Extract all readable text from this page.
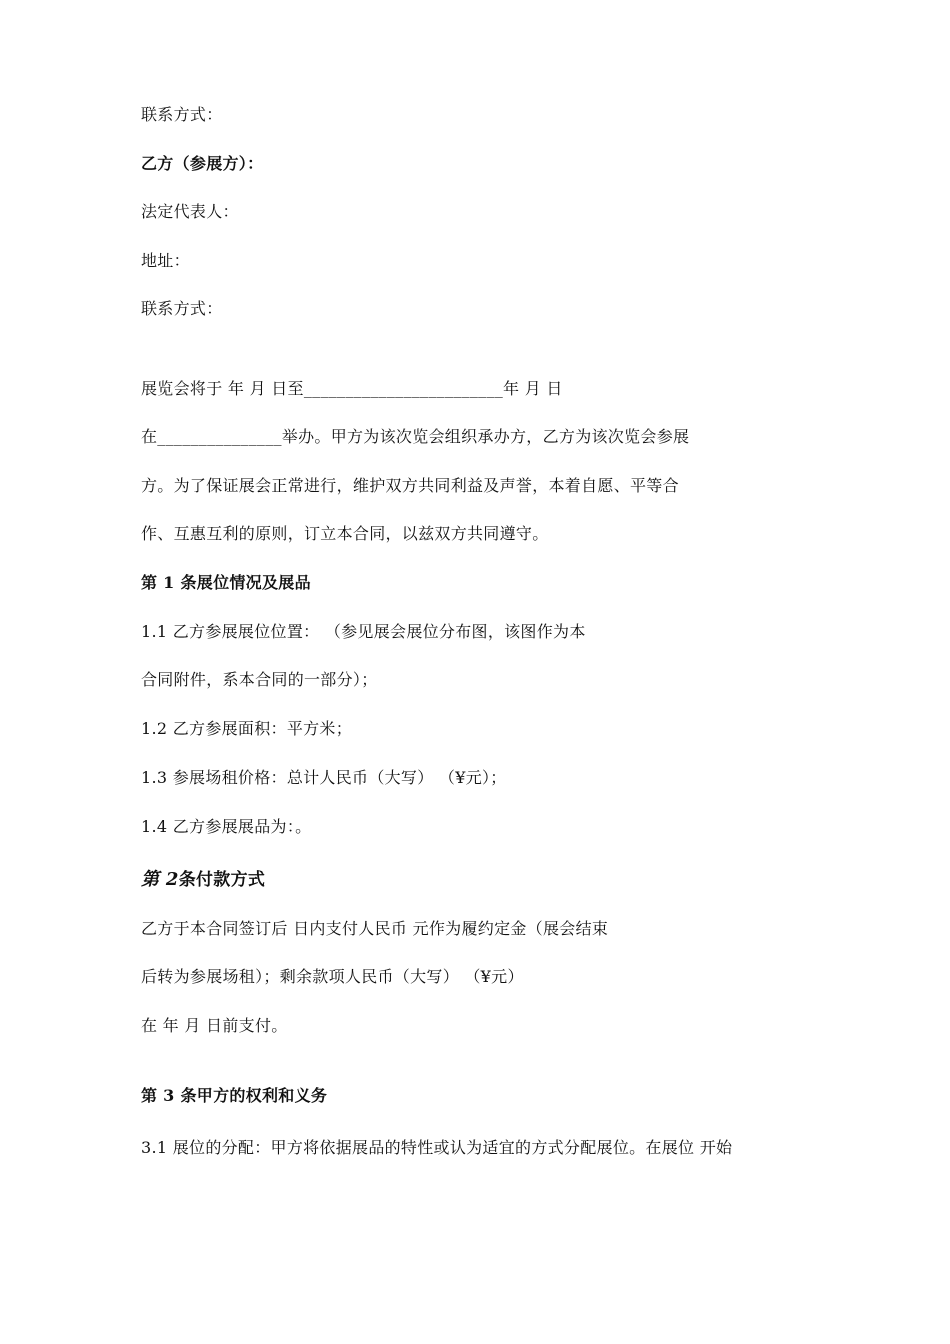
联系方式：
乙方（参展方）：
法定代表人：
地址：
联系方式：
展览会将于 年 月 日至________________________年 月 日
在_______________举办。甲方为该次览会组织承办方，乙方为该次览会参展
方。为了保证展会正常进行，维护双方共同利益及声誉，本着自愿、平等合
作、互惠互利的原则，订立本合同，以兹双方共同遵守。
第 1 条展位情况及展品
1.1 乙方参展展位位置： （参见展会展位分布图，该图作为本
合同附件，系本合同的一部分）；
1.2 乙方参展面积：平方米；
1.3 参展场租价格：总计人民币（大写） （¥元）；
1.4 乙方参展展品为：。
第 2条付款方式
乙方于本合同签订后 日内支付人民币 元作为履约定金（展会结束
后转为参展场租）；剩余款项人民币（大写） （¥元）
在 年 月 日前支付。
第 3 条甲方的权利和义务
3.1 展位的分配：甲方将依据展品的特性或认为适宜的方式分配展位。在展位 开始
